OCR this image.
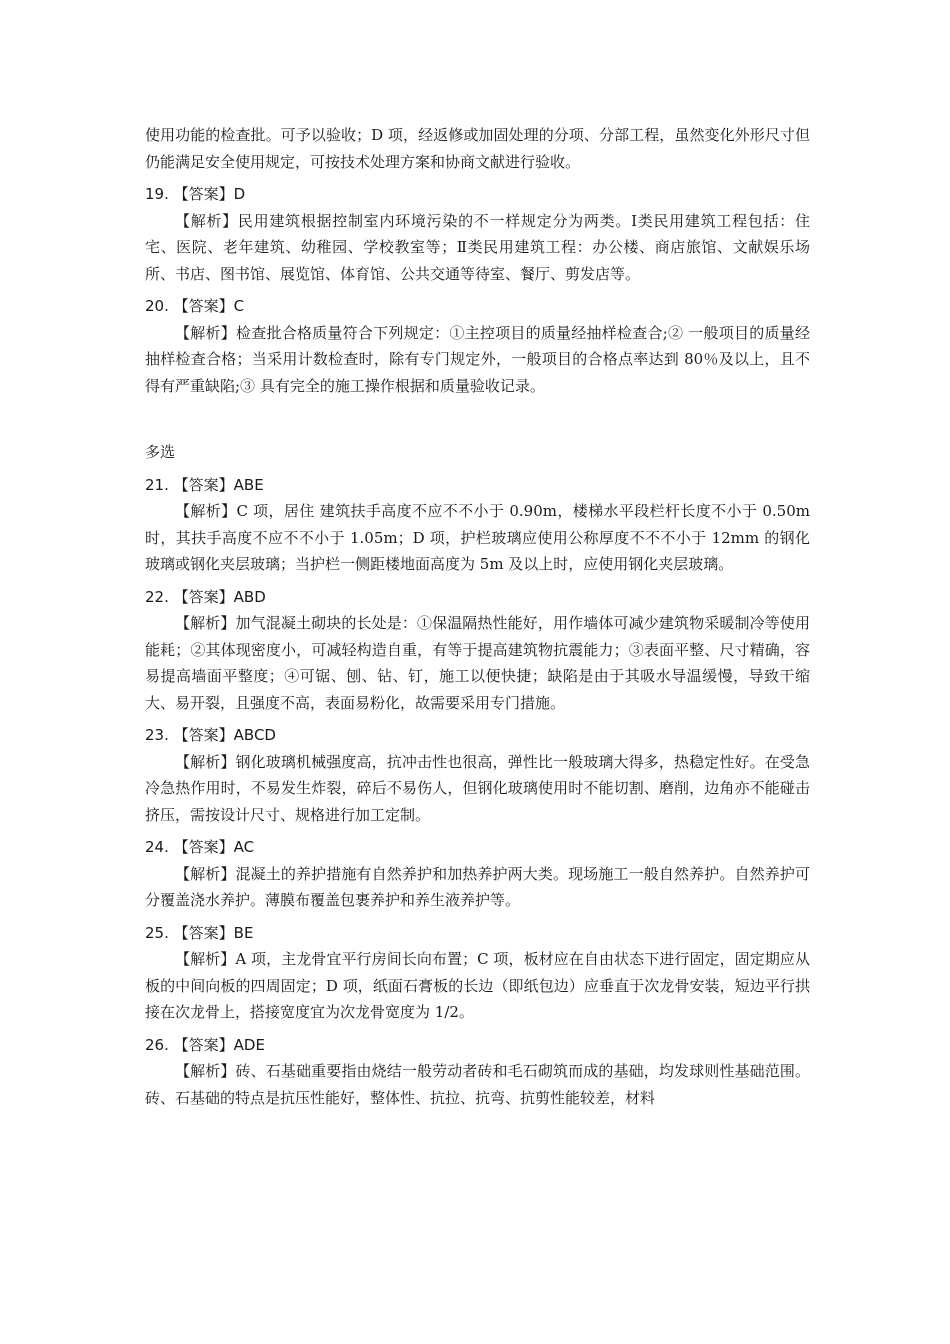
使用功能的检查批。可予以验收；D 项，经返修或加固处理的分项、分部工程，虽然变化外形尺寸但仍能满足安全使用规定，可按技术处理方案和协商文献进行验收。

19. 【答案】D

【解析】民用建筑根据控制室内环境污染的不一样规定分为两类。Ⅰ类民用建筑工程包括：住宅、医院、老年建筑、幼稚园、学校教室等；Ⅱ类民用建筑工程：办公楼、商店旅馆、文献娱乐场所、书店、图书馆、展览馆、体育馆、公共交通等待室、餐厅、剪发店等。

20. 【答案】C

【解析】检查批合格质量符合下列规定：①主控项目的质量经抽样检查合;② 一般项目的质量经抽样检查合格；当采用计数检查时，除有专门规定外，一般项目的合格点率达到 80％及以上，且不得有严重缺陷;③ 具有完全的施工操作根据和质量验收记录。

多选

21. 【答案】ABE

【解析】C 项，居住 建筑扶手高度不应不不小于 0.90m，楼梯水平段栏杆长度不小于 0.50m 时，其扶手高度不应不不小于 1.05m；D 项，护栏玻璃应使用公称厚度不不不小于 12mm 的钢化玻璃或钢化夹层玻璃；当护栏一侧距楼地面高度为 5m 及以上时，应使用钢化夹层玻璃。

22. 【答案】ABD

【解析】加气混凝土砌块的长处是：①保温隔热性能好，用作墙体可减少建筑物采暖制冷等使用能耗；②其体现密度小，可减轻构造自重，有等于提高建筑物抗震能力；③表面平整、尺寸精确，容易提高墙面平整度；④可锯、刨、钻、钉，施工以便快捷；缺陷是由于其吸水导温缓慢，导致干缩大、易开裂，且强度不高，表面易粉化，故需要采用专门措施。

23. 【答案】ABCD

【解析】钢化玻璃机械强度高，抗冲击性也很高，弹性比一般玻璃大得多，热稳定性好。在受急冷急热作用时，不易发生炸裂，碎后不易伤人，但钢化玻璃使用时不能切割、磨削，边角亦不能碰击挤压，需按设计尺寸、规格进行加工定制。

24. 【答案】AC

【解析】混凝土的养护措施有自然养护和加热养护两大类。现场施工一般自然养护。自然养护可分覆盖浇水养护。薄膜布覆盖包裹养护和养生液养护等。

25. 【答案】BE

【解析】A 项，主龙骨宜平行房间长向布置；C 项，板材应在自由状态下进行固定，固定期应从板的中间向板的四周固定；D 项，纸面石膏板的长边（即纸包边）应垂直于次龙骨安装，短边平行拱接在次龙骨上，搭接宽度宜为次龙骨宽度为 1/2。

26. 【答案】ADE

【解析】砖、石基础重要指由烧结一般劳动者砖和毛石砌筑而成的基础，均发球则性基础范围。砖、石基础的特点是抗压性能好，整体性、抗拉、抗弯、抗剪性能较差，材料
